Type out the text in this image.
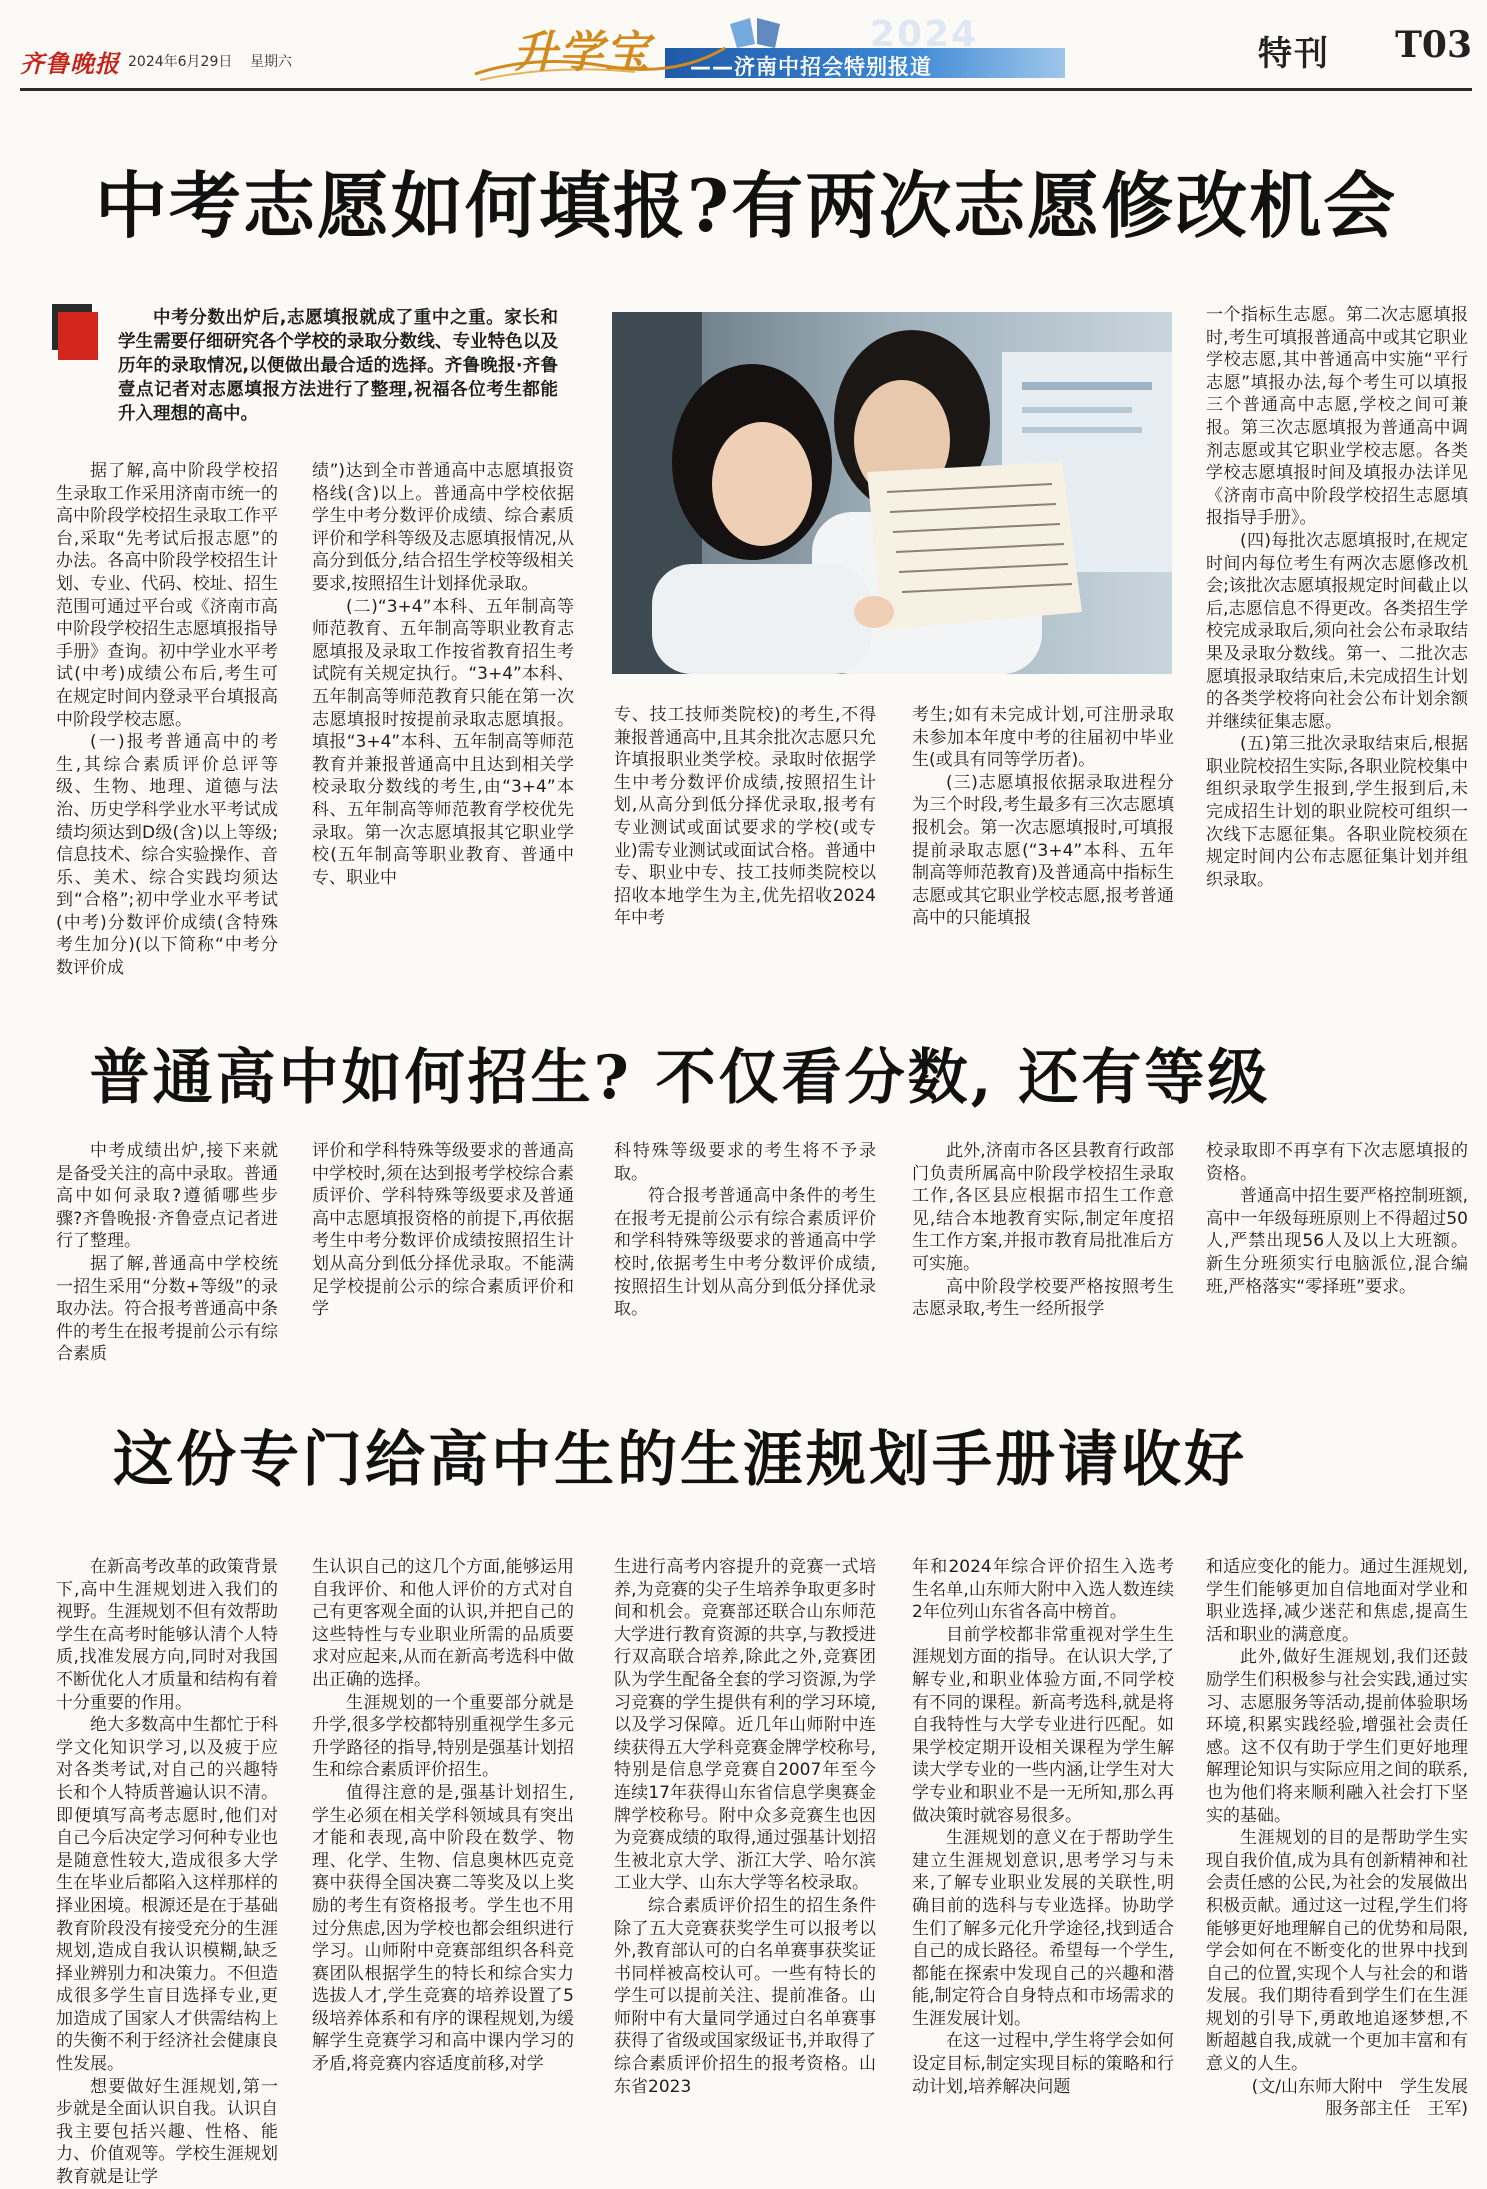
齐鲁晚报 2024年6月29日 星期六
2024
升学宝 ——济南中招会特别报道	特刊 T03
中考志愿如何填报?有两次志愿修改机会
中考分数出炉后,志愿填报就成了重中之重。家长和学生需要仔细研究各个学校的录取分数线、专业特色以及历年的录取情况,以便做出最合适的选择。齐鲁晚报·齐鲁壹点记者对志愿填报方法进行了整理,祝福各位考生都能升入理想的高中。

据了解,高中阶段学校招生录取工作采用济南市统一的高中阶段学校招生录取工作平台,采取“先考试后报志愿”的办法。各高中阶段学校招生计划、专业、代码、校址、招生范围可通过平台或《济南市高中阶段学校招生志愿填报指导手册》查询。初中学业水平考试(中考)成绩公布后,考生可在规定时间内登录平台填报高中阶段学校志愿。

(一)报考普通高中的考生,其综合素质评价总评等级、生物、地理、道德与法治、历史学科学业水平考试成绩均须达到D级(含)以上等级;信息技术、综合实验操作、音乐、美术、综合实践均须达到“合格”;初中学业水平考试(中考)分数评价成绩(含特殊考生加分)(以下简称“中考分数评价成

绩”)达到全市普通高中志愿填报资格线(含)以上。普通高中学校依据学生中考分数评价成绩、综合素质评价和学科等级及志愿填报情况,从高分到低分,结合招生学校等级相关要求,按照招生计划择优录取。

(二)“3+4”本科、五年制高等师范教育、五年制高等职业教育志愿填报及录取工作按省教育招生考试院有关规定执行。“3+4”本科、五年制高等师范教育只能在第一次志愿填报时按提前录取志愿填报。填报“3+4”本科、五年制高等师范教育并兼报普通高中且达到相关学校录取分数线的考生,由“3+4”本科、五年制高等师范教育学校优先录取。第一次志愿填报其它职业学校(五年制高等职业教育、普通中专、职业中

专、技工技师类院校)的考生,不得兼报普通高中,且其余批次志愿只允许填报职业类学校。录取时依据学生中考分数评价成绩,按照招生计划,从高分到低分择优录取,报考有专业测试或面试要求的学校(或专业)需专业测试或面试合格。普通中专、职业中专、技工技师类院校以招收本地学生为主,优先招收2024年中考

考生;如有未完成计划,可注册录取未参加本年度中考的往届初中毕业生(或具有同等学历者)。

(三)志愿填报依据录取进程分为三个时段,考生最多有三次志愿填报机会。第一次志愿填报时,可填报提前录取志愿(“3+4”本科、五年制高等师范教育)及普通高中指标生志愿或其它职业学校志愿,报考普通高中的只能填报

一个指标生志愿。第二次志愿填报时,考生可填报普通高中或其它职业学校志愿,其中普通高中实施“平行志愿”填报办法,每个考生可以填报三个普通高中志愿,学校之间可兼报。第三次志愿填报为普通高中调剂志愿或其它职业学校志愿。各类学校志愿填报时间及填报办法详见《济南市高中阶段学校招生志愿填报指导手册》。

(四)每批次志愿填报时,在规定时间内每位考生有两次志愿修改机会;该批次志愿填报规定时间截止以后,志愿信息不得更改。各类招生学校完成录取后,须向社会公布录取结果及录取分数线。第一、二批次志愿填报录取结束后,未完成招生计划的各类学校将向社会公布计划余额并继续征集志愿。

(五)第三批次录取结束后,根据职业院校招生实际,各职业院校集中组织录取学生报到,学生报到后,未完成招生计划的职业院校可组织一次线下志愿征集。各职业院校须在规定时间内公布志愿征集计划并组织录取。

普通高中如何招生? 不仅看分数, 还有等级

中考成绩出炉,接下来就是备受关注的高中录取。普通高中如何录取?遵循哪些步骤?齐鲁晚报·齐鲁壹点记者进行了整理。

据了解,普通高中学校统一招生采用“分数+等级”的录取办法。符合报考普通高中条件的考生在报考提前公示有综合素质

评价和学科特殊等级要求的普通高中学校时,须在达到报考学校综合素质评价、学科特殊等级要求及普通高中志愿填报资格的前提下,再依据考生中考分数评价成绩按照招生计划从高分到低分择优录取。不能满足学校提前公示的综合素质评价和学

科特殊等级要求的考生将不予录取。

符合报考普通高中条件的考生在报考无提前公示有综合素质评价和学科特殊等级要求的普通高中学校时,依据考生中考分数评价成绩,按照招生计划从高分到低分择优录取。

此外,济南市各区县教育行政部门负责所属高中阶段学校招生录取工作,各区县应根据市招生工作意见,结合本地教育实际,制定年度招生工作方案,并报市教育局批准后方可实施。

高中阶段学校要严格按照考生志愿录取,考生一经所报学

校录取即不再享有下次志愿填报的资格。

普通高中招生要严格控制班额,高中一年级每班原则上不得超过50人,严禁出现56人及以上大班额。新生分班须实行电脑派位,混合编班,严格落实“零择班”要求。

这份专门给高中生的生涯规划手册请收好

在新高考改革的政策背景下,高中生涯规划进入我们的视野。生涯规划不但有效帮助学生在高考时能够认清个人特质,找准发展方向,同时对我国不断优化人才质量和结构有着十分重要的作用。

绝大多数高中生都忙于科学文化知识学习,以及疲于应对各类考试,对自己的兴趣特长和个人特质普遍认识不清。即便填写高考志愿时,他们对自己今后决定学习何种专业也是随意性较大,造成很多大学生在毕业后都陷入这样那样的择业困境。根源还是在于基础教育阶段没有接受充分的生涯规划,造成自我认识模糊,缺乏择业辨别力和决策力。不但造成很多学生盲目选择专业,更加造成了国家人才供需结构上的失衡不利于经济社会健康良性发展。

想要做好生涯规划,第一步就是全面认识自我。认识自我主要包括兴趣、性格、能力、价值观等。学校生涯规划教育就是让学

生认识自己的这几个方面,能够运用自我评价、和他人评价的方式对自己有更客观全面的认识,并把自己的这些特性与专业职业所需的品质要求对应起来,从而在新高考选科中做出正确的选择。

生涯规划的一个重要部分就是升学,很多学校都特别重视学生多元升学路径的指导,特别是强基计划招生和综合素质评价招生。

值得注意的是,强基计划招生,学生必须在相关学科领域具有突出才能和表现,高中阶段在数学、物理、化学、生物、信息奥林匹克竞赛中获得全国决赛二等奖及以上奖励的考生有资格报考。学生也不用过分焦虑,因为学校也都会组织进行学习。山师附中竞赛部组织各科竞赛团队根据学生的特长和综合实力选拔人才,学生竞赛的培养设置了5级培养体系和有序的课程规划,为缓解学生竞赛学习和高中课内学习的矛盾,将竞赛内容适度前移,对学

生进行高考内容提升的竞赛一式培养,为竞赛的尖子生培养争取更多时间和机会。竞赛部还联合山东师范大学进行教育资源的共享,与教授进行双高联合培养,除此之外,竞赛团队为学生配备全套的学习资源,为学习竞赛的学生提供有利的学习环境,以及学习保障。近几年山师附中连续获得五大学科竞赛金牌学校称号,特别是信息学竞赛自2007年至今连续17年获得山东省信息学奥赛金牌学校称号。附中众多竞赛生也因为竞赛成绩的取得,通过强基计划招生被北京大学、浙江大学、哈尔滨工业大学、山东大学等名校录取。

综合素质评价招生的招生条件除了五大竞赛获奖学生可以报考以外,教育部认可的白名单赛事获奖证书同样被高校认可。一些有特长的学生可以提前关注、提前准备。山师附中有大量同学通过白名单赛事获得了省级或国家级证书,并取得了综合素质评价招生的报考资格。山东省2023

年和2024年综合评价招生入选考生名单,山东师大附中入选人数连续2年位列山东省各高中榜首。

目前学校都非常重视对学生生涯规划方面的指导。在认识大学,了解专业,和职业体验方面,不同学校有不同的课程。新高考选科,就是将自我特性与大学专业进行匹配。如果学校定期开设相关课程为学生解读大学专业的一些内涵,让学生对大学专业和职业不是一无所知,那么再做决策时就容易很多。

生涯规划的意义在于帮助学生建立生涯规划意识,思考学习与未来,了解专业职业发展的关联性,明确目前的选科与专业选择。协助学生们了解多元化升学途径,找到适合自己的成长路径。希望每一个学生,都能在探索中发现自己的兴趣和潜能,制定符合自身特点和市场需求的生涯发展计划。

在这一过程中,学生将学会如何设定目标,制定实现目标的策略和行动计划,培养解决问题

和适应变化的能力。通过生涯规划,学生们能够更加自信地面对学业和职业选择,减少迷茫和焦虑,提高生活和职业的满意度。

此外,做好生涯规划,我们还鼓励学生们积极参与社会实践,通过实习、志愿服务等活动,提前体验职场环境,积累实践经验,增强社会责任感。这不仅有助于学生们更好地理解理论知识与实际应用之间的联系,也为他们将来顺利融入社会打下坚实的基础。

生涯规划的目的是帮助学生实现自我价值,成为具有创新精神和社会责任感的公民,为社会的发展做出积极贡献。通过这一过程,学生们将能够更好地理解自己的优势和局限,学会如何在不断变化的世界中找到自己的位置,实现个人与社会的和谐发展。我们期待看到学生们在生涯规划的引导下,勇敢地追逐梦想,不断超越自我,成就一个更加丰富和有意义的人生。

(文/山东师大附中　学生发展服务部主任　王军)
